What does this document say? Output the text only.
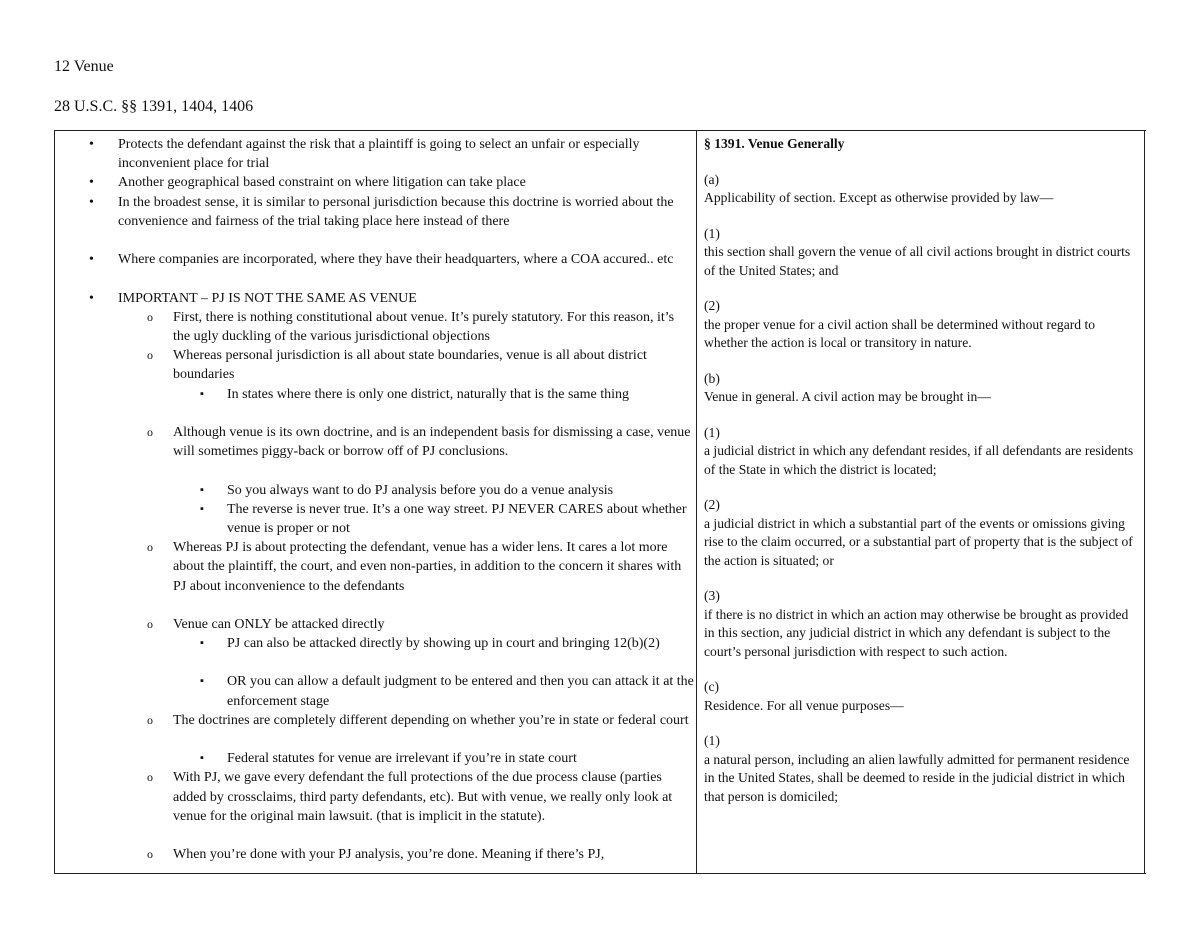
12 Venue
28 U.S.C. §§ 1391, 1404, 1406
• Protects the defendant against the risk that a plaintiff is going to select an unfair or especially inconvenient place for trial
• Another geographical based constraint on where litigation can take place
• In the broadest sense, it is similar to personal jurisdiction because this doctrine is worried about the convenience and fairness of the trial taking place here instead of there
• Where companies are incorporated, where they have their headquarters, where a COA accured.. etc
• IMPORTANT – PJ IS NOT THE SAME AS VENUE
o First, there is nothing constitutional about venue. It’s purely statutory. For this reason, it’s the ugly duckling of the various jurisdictional objections
o Whereas personal jurisdiction is all about state boundaries, venue is all about district boundaries
▪ In states where there is only one district, naturally that is the same thing
o Although venue is its own doctrine, and is an independent basis for dismissing a case, venue will sometimes piggy-back or borrow off of PJ conclusions.
▪ So you always want to do PJ analysis before you do a venue analysis
▪ The reverse is never true. It’s a one way street. PJ NEVER CARES about whether venue is proper or not
o Whereas PJ is about protecting the defendant, venue has a wider lens. It cares a lot more about the plaintiff, the court, and even non-parties, in addition to the concern it shares with PJ about inconvenience to the defendants
o Venue can ONLY be attacked directly
▪ PJ can also be attacked directly by showing up in court and bringing 12(b)(2)
▪ OR you can allow a default judgment to be entered and then you can attack it at the enforcement stage
o The doctrines are completely different depending on whether you’re in state or federal court
▪ Federal statutes for venue are irrelevant if you’re in state court
o With PJ, we gave every defendant the full protections of the due process clause (parties added by crossclaims, third party defendants, etc). But with venue, we really only look at venue for the original main lawsuit. (that is implicit in the statute).
o When you’re done with your PJ analysis, you’re done. Meaning if there’s PJ,
§ 1391. Venue Generally
(a)
Applicability of section. Except as otherwise provided by law—
(1)
this section shall govern the venue of all civil actions brought in district courts of the United States; and
(2)
the proper venue for a civil action shall be determined without regard to whether the action is local or transitory in nature.
(b)
Venue in general. A civil action may be brought in—
(1)
a judicial district in which any defendant resides, if all defendants are residents of the State in which the district is located;
(2)
a judicial district in which a substantial part of the events or omissions giving rise to the claim occurred, or a substantial part of property that is the subject of the action is situated; or
(3)
if there is no district in which an action may otherwise be brought as provided in this section, any judicial district in which any defendant is subject to the court’s personal jurisdiction with respect to such action.
(c)
Residence. For all venue purposes—
(1)
a natural person, including an alien lawfully admitted for permanent residence in the United States, shall be deemed to reside in the judicial district in which that person is domiciled;
